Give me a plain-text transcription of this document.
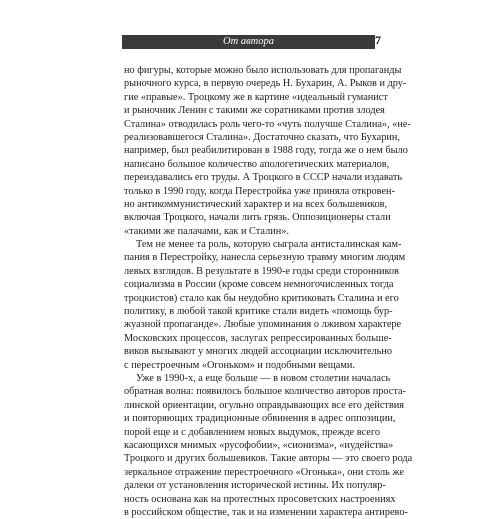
От автора	7
но фигуры, которые можно было использовать для пропаганды
рыночного курса, в первую очередь Н. Бухарин, А. Рыков и дру-
гие «правые». Троцкому же в картине «идеальный гуманист
и рыночник Ленин с такими же соратниками против злодея
Сталина» отводилась роль чего-то «чуть получше Сталина», «не-
реализовавшегося Сталина». Достаточно сказать, что Бухарин,
например, был реабилитирован в 1988 году, тогда же о нем было
написано большое количество апологетических материалов,
переиздавались его труды. А Троцкого в СССР начали издавать
только в 1990 году, когда Перестройка уже приняла откровен-
но антикоммунистический характер и на всех большевиков,
включая Троцкого, начали лить грязь. Оппозиционеры стали
«такими же палачами, как и Сталин».
Тем не менее та роль, которую сыграла антисталинская кам-
пания в Перестройку, нанесла серьезную травму многим людям
левых взглядов. В результате в 1990-е годы среди сторонников
социализма в России (кроме совсем немногочисленных тогда
троцкистов) стало как бы неудобно критиковать Сталина и его
политику, в любой такой критике стали видеть «помощь бур-
жуазной пропаганде». Любые упоминания о лживом характере
Московских процессов, заслугах репрессированных больше-
виков вызывают у многих людей ассоциации исключительно
с перестроечным «Огоньком» и подобными вещами.
Уже в 1990-х, а еще больше — в новом столетии началась
обратная волна: появилось большое количество авторов проста-
линской ориентации, огульно оправдывающих все его действия
и повторяющих традиционные обвинения в адрес оппозиции,
порой еще и с добавлением новых выдумок, прежде всего
касающихся мнимых «русофобии», «сионизма», «иудейства»
Троцкого и других большевиков. Такие авторы — это своего рода
зеркальное отражение перестроечного «Огонька», они столь же
далеки от установления исторической истины. Их популяр-
ность основана как на протестных просоветских настроениях
в российском обществе, так и на изменении характера антирево-
